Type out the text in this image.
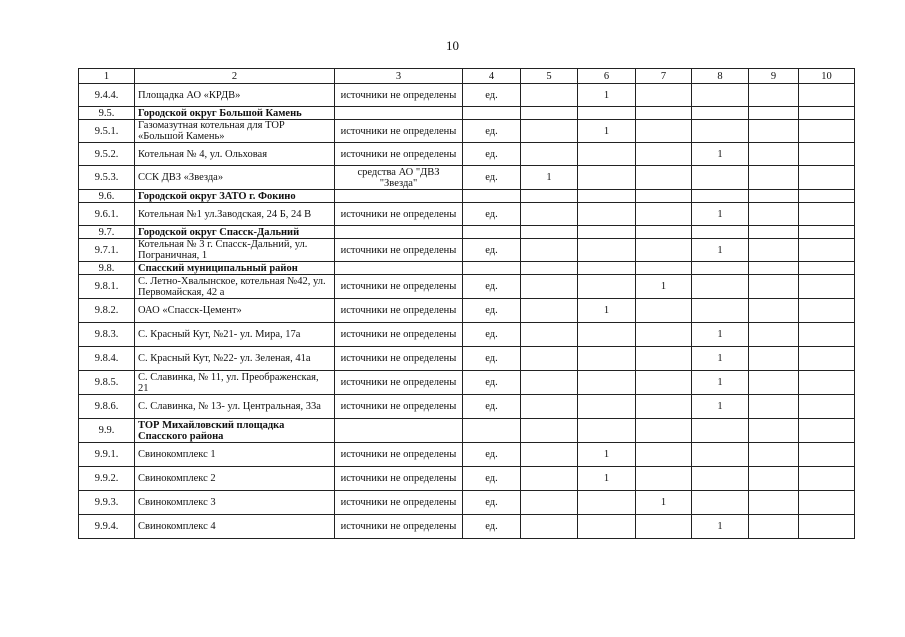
10
1	2	3	4	5	6	7	8	9	10
9.4.4.	Площадка АО «КРДВ»	источники не определены	ед.		1				
9.5.	Городской округ Большой Камень								
9.5.1.	Газомазутная котельная для ТОР «Большой Камень»	источники не определены	ед.		1				
9.5.2.	Котельная № 4, ул. Ольховая	источники не определены	ед.				1		
9.5.3.	ССК ДВЗ «Звезда»	средства АО "ДВЗ "Звезда"	ед.	1					
9.6.	Городской округ ЗАТО г. Фокино								
9.6.1.	Котельная №1 ул.Заводская, 24 Б, 24 В	источники не определены	ед.				1		
9.7.	Городской округ Спасск-Дальний								
9.7.1.	Котельная № 3 г. Спасск-Дальний, ул. Пограничная, 1	источники не определены	ед.				1		
9.8.	Спасский муниципальный район								
9.8.1.	С. Летно-Хвалынское, котельная №42, ул. Первомайская, 42 а	источники не определены	ед.			1			
9.8.2.	ОАО «Спасск-Цемент»	источники не определены	ед.		1				
9.8.3.	С. Красный Кут, №21- ул. Мира, 17а	источники не определены	ед.				1		
9.8.4.	С. Красный Кут, №22- ул. Зеленая, 41а	источники не определены	ед.				1		
9.8.5.	С. Славинка, № 11, ул. Преображенская, 21	источники не определены	ед.				1		
9.8.6.	С. Славинка, № 13- ул. Центральная, 33а	источники не определены	ед.				1		
9.9.	ТОР Михайловский площадка Спасского района								
9.9.1.	Свинокомплекс 1	источники не определены	ед.		1				
9.9.2.	Свинокомплекс 2	источники не определены	ед.		1				
9.9.3.	Свинокомплекс 3	источники не определены	ед.			1			
9.9.4.	Свинокомплекс 4	источники не определены	ед.				1		
